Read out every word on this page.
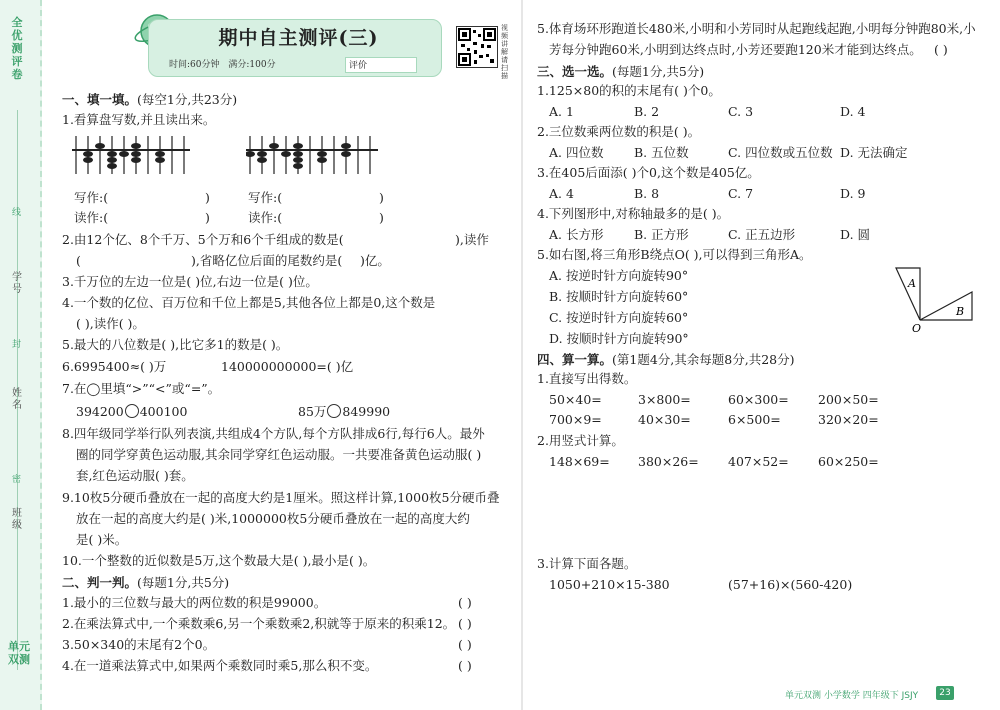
全优测评卷
线
学号
封
姓名
密
班级
单元
双测
期中自主测评(三)
时间:60分钟 满分:100分	评价
视频讲解请扫描
一、填一填。(每空1分,共23分)
1.看算盘写数,并且读出来。
写作:(	)
读作:(	)
写作:(	)
读作:(	)
2.由12个亿、8个千万、5个万和6个千组成的数是(	),读作
(	),省略亿位后面的尾数约是( )亿。
3.千万位的左边一位是( )位,右边一位是( )位。
4.一个数的亿位、百万位和千位上都是5,其他各位上都是0,这个数是
( ),读作( )。
5.最大的八位数是( ),比它多1的数是( )。
6.6995400≈( )万	140000000000=( )亿
7.在◯里填“>”“<”或“=”。
394200 400100	85万 849990
8.四年级同学举行队列表演,共组成4个方队,每个方队排成6行,每行6人。最外
圈的同学穿黄色运动服,其余同学穿红色运动服。一共要准备黄色运动服( )
套,红色运动服( )套。
9.10枚5分硬币叠放在一起的高度大约是1厘米。照这样计算,1000枚5分硬币叠
放在一起的高度大约是( )米,1000000枚5分硬币叠放在一起的高度大约
是( )米。
10.一个整数的近似数是5万,这个数最大是( ),最小是( )。
二、判一判。(每题1分,共5分)
1.最小的三位数与最大的两位数的积是99000。	( )
2.在乘法算式中,一个乘数乘6,另一个乘数乘2,积就等于原来的积乘12。 ( )
3.50×340的末尾有2个0。	( )
4.在一道乘法算式中,如果两个乘数同时乘5,那么积不变。	( )
5.体育场环形跑道长480米,小明和小芳同时从起跑线起跑,小明每分钟跑80米,小
芳每分钟跑60米,小明到达终点时,小芳还要跑120米才能到达终点。 ( )
三、选一选。(每题1分,共5分)
1.125×80的积的末尾有( )个0。
A. 1	B. 2	C. 3	D. 4
2.三位数乘两位数的积是( )。
A. 四位数 B. 五位数	C. 四位数或五位数 D. 无法确定
3.在405后面添( )个0,这个数是405亿。
A. 4	B. 8	C. 7	D. 9
4.下列图形中,对称轴最多的是( )。
A. 长方形 B. 正方形	C. 正五边形	D. 圆
5.如右图,将三角形B绕点O( ),可以得到三角形A。
A. 按逆时针方向旋转90°
B. 按顺时针方向旋转60°
C. 按逆时针方向旋转60°
D. 按顺时针方向旋转90°
A
B
O
四、算一算。(第1题4分,其余每题8分,共28分)
1.直接写出得数。
50×40=	3×800=	60×300= 200×50=
700×9=	40×30=	6×500=	320×20=
2.用竖式计算。
148×69= 380×26= 407×52= 60×250=
3.计算下面各题。
1050+210×15-380	(57+16)×(560-420)
单元双测 小学数学 四年级下 JSJY	23
